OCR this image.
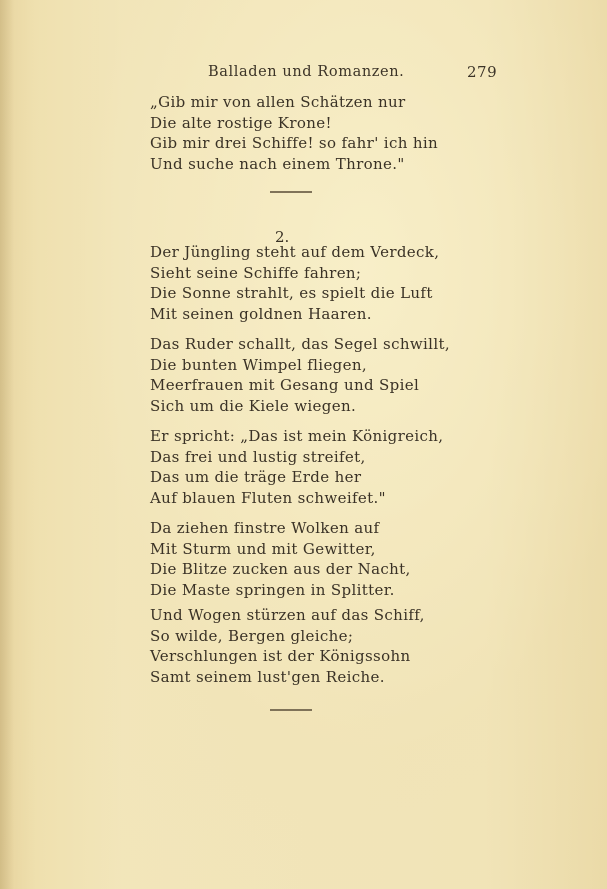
Balladen und Romanzen.	279
„Gib mir von allen Schätzen nur
Die alte rostige Krone!
Gib mir drei Schiffe! so fahr' ich hin
Und suche nach einem Throne."
2.
Der Jüngling steht auf dem Verdeck,
Sieht seine Schiffe fahren;
Die Sonne strahlt, es spielt die Luft
Mit seinen goldnen Haaren.
Das Ruder schallt, das Segel schwillt,
Die bunten Wimpel fliegen,
Meerfrauen mit Gesang und Spiel
Sich um die Kiele wiegen.
Er spricht: „Das ist mein Königreich,
Das frei und lustig streifet,
Das um die träge Erde her
Auf blauen Fluten schweifet."
Da ziehen finstre Wolken auf
Mit Sturm und mit Gewitter,
Die Blitze zucken aus der Nacht,
Die Maste springen in Splitter.
Und Wogen stürzen auf das Schiff,
So wilde, Bergen gleiche;
Verschlungen ist der Königssohn
Samt seinem lust'gen Reiche.
